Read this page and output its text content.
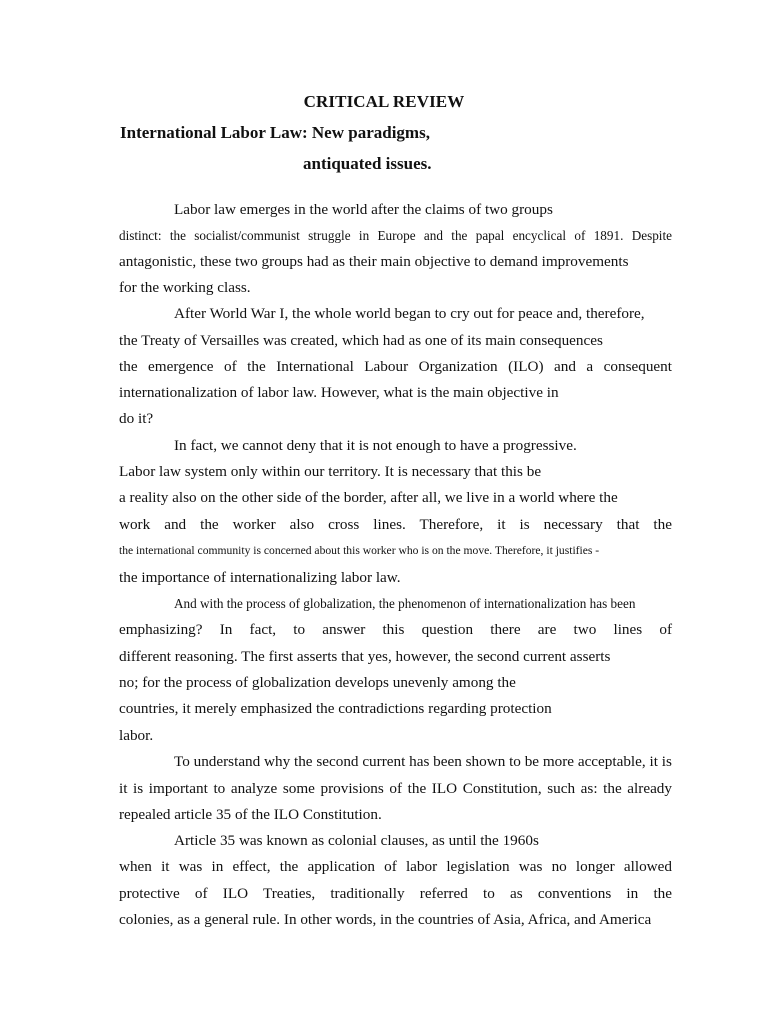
CRITICAL REVIEW
International Labor Law: New paradigms,
antiquated issues.
Labor law emerges in the world after the claims of two groups
distinct: the socialist/communist struggle in Europe and the papal encyclical of 1891. Despite
antagonistic, these two groups had as their main objective to demand improvements
for the working class.
After World War I, the whole world began to cry out for peace and, therefore,
the Treaty of Versailles was created, which had as one of its main consequences
the emergence of the International Labour Organization (ILO) and a consequent
internationalization of labor law. However, what is the main objective in
do it?
In fact, we cannot deny that it is not enough to have a progressive.
Labor law system only within our territory. It is necessary that this be
a reality also on the other side of the border, after all, we live in a world where the
work and the worker also cross lines. Therefore, it is necessary that the
the international community is concerned about this worker who is on the move. Therefore, it justifies -
the importance of internationalizing labor law.
And with the process of globalization, the phenomenon of internationalization has been
emphasizing? In fact, to answer this question there are two lines of
different reasoning. The first asserts that yes, however, the second current asserts
no; for the process of globalization develops unevenly among the
countries, it merely emphasized the contradictions regarding protection
labor.
To understand why the second current has been shown to be more acceptable, it is
it is important to analyze some provisions of the ILO Constitution, such as: the already
repealed article 35 of the ILO Constitution.
Article 35 was known as colonial clauses, as until the 1960s
when it was in effect, the application of labor legislation was no longer allowed
protective of ILO Treaties, traditionally referred to as conventions in the
colonies, as a general rule. In other words, in the countries of Asia, Africa, and America
